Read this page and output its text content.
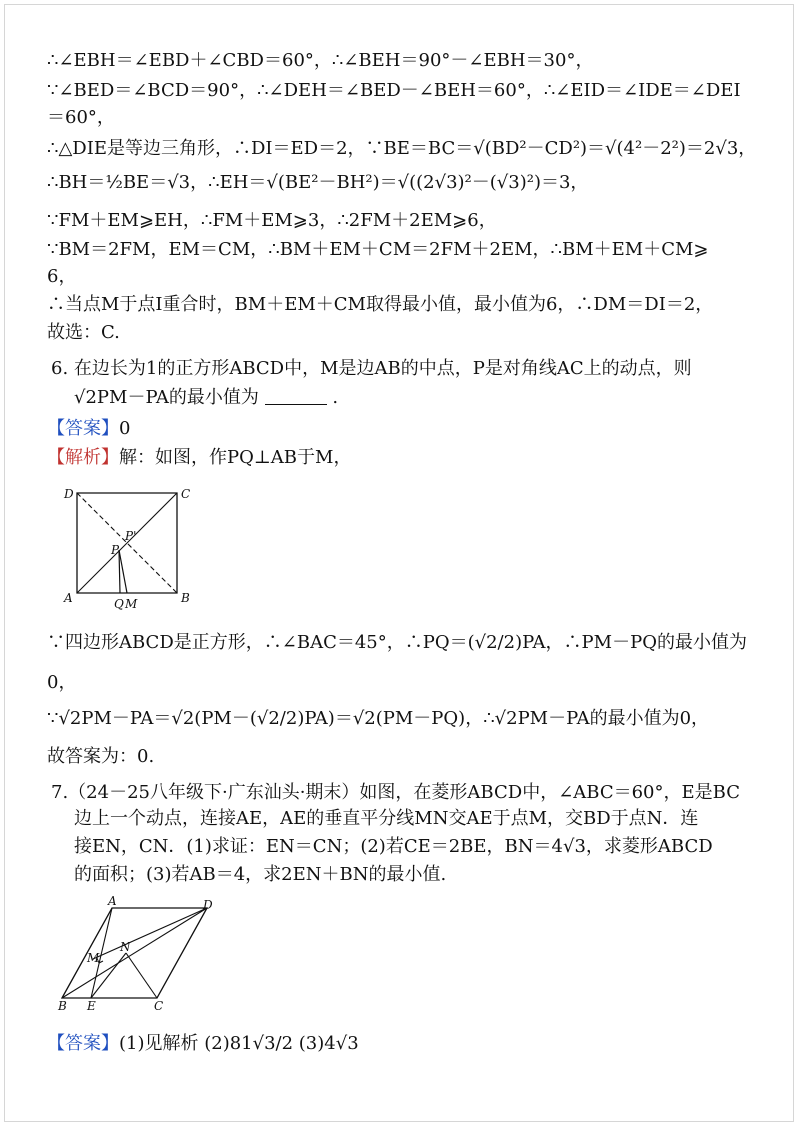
∴∠EBH＝∠EBD＋∠CBD＝60°，∴∠BEH＝90°－∠EBH＝30°，
∵∠BED＝∠BCD＝90°，∴∠DEH＝∠BED－∠BEH＝60°，∴∠EID＝∠IDE＝∠DEI
＝60°，
∴△DIE是等边三角形，∴DI＝ED＝2，∵BE＝BC＝√(BD²－CD²)＝√(4²－2²)＝2√3，
∴BH＝½BE＝√3，∴EH＝√(BE²－BH²)＝√((2√3)²－(√3)²)＝3，
∵FM＋EM⩾EH，∴FM＋EM⩾3，∴2FM＋2EM⩾6，
∵BM＝2FM，EM＝CM，∴BM＋EM＋CM＝2FM＋2EM，∴BM＋EM＋CM⩾
6，
∴当点M于点I重合时，BM＋EM＋CM取得最小值，最小值为6，∴DM＝DI＝2，
故选：C.
6. 在边长为1的正方形ABCD中，M是边AB的中点，P是对角线AC上的动点，则
√2PM－PA的最小值为	.
【答案】0
【解析】解：如图，作PQ⊥AB于M，
D	C
P'
P
A	Q M	B
∵四边形ABCD是正方形，∴∠BAC＝45°，∴PQ＝(√2/2)PA，∴PM－PQ的最小值为
0，
∵√2PM－PA＝√2(PM－(√2/2)PA)＝√2(PM－PQ)，∴√2PM－PA的最小值为0，
故答案为：0.
7.（24－25八年级下·广东汕头·期末）如图，在菱形ABCD中，∠ABC＝60°，E是BC
边上一个动点，连接AE，AE的垂直平分线MN交AE于点M，交BD于点N．连
接EN，CN．(1)求证：EN＝CN；(2)若CE＝2BE，BN＝4√3，求菱形ABCD
的面积；(3)若AB＝4，求2EN＋BN的最小值.
A	D
N
M
B E	C
【答案】(1)见解析 (2)81√3/2 (3)4√3
